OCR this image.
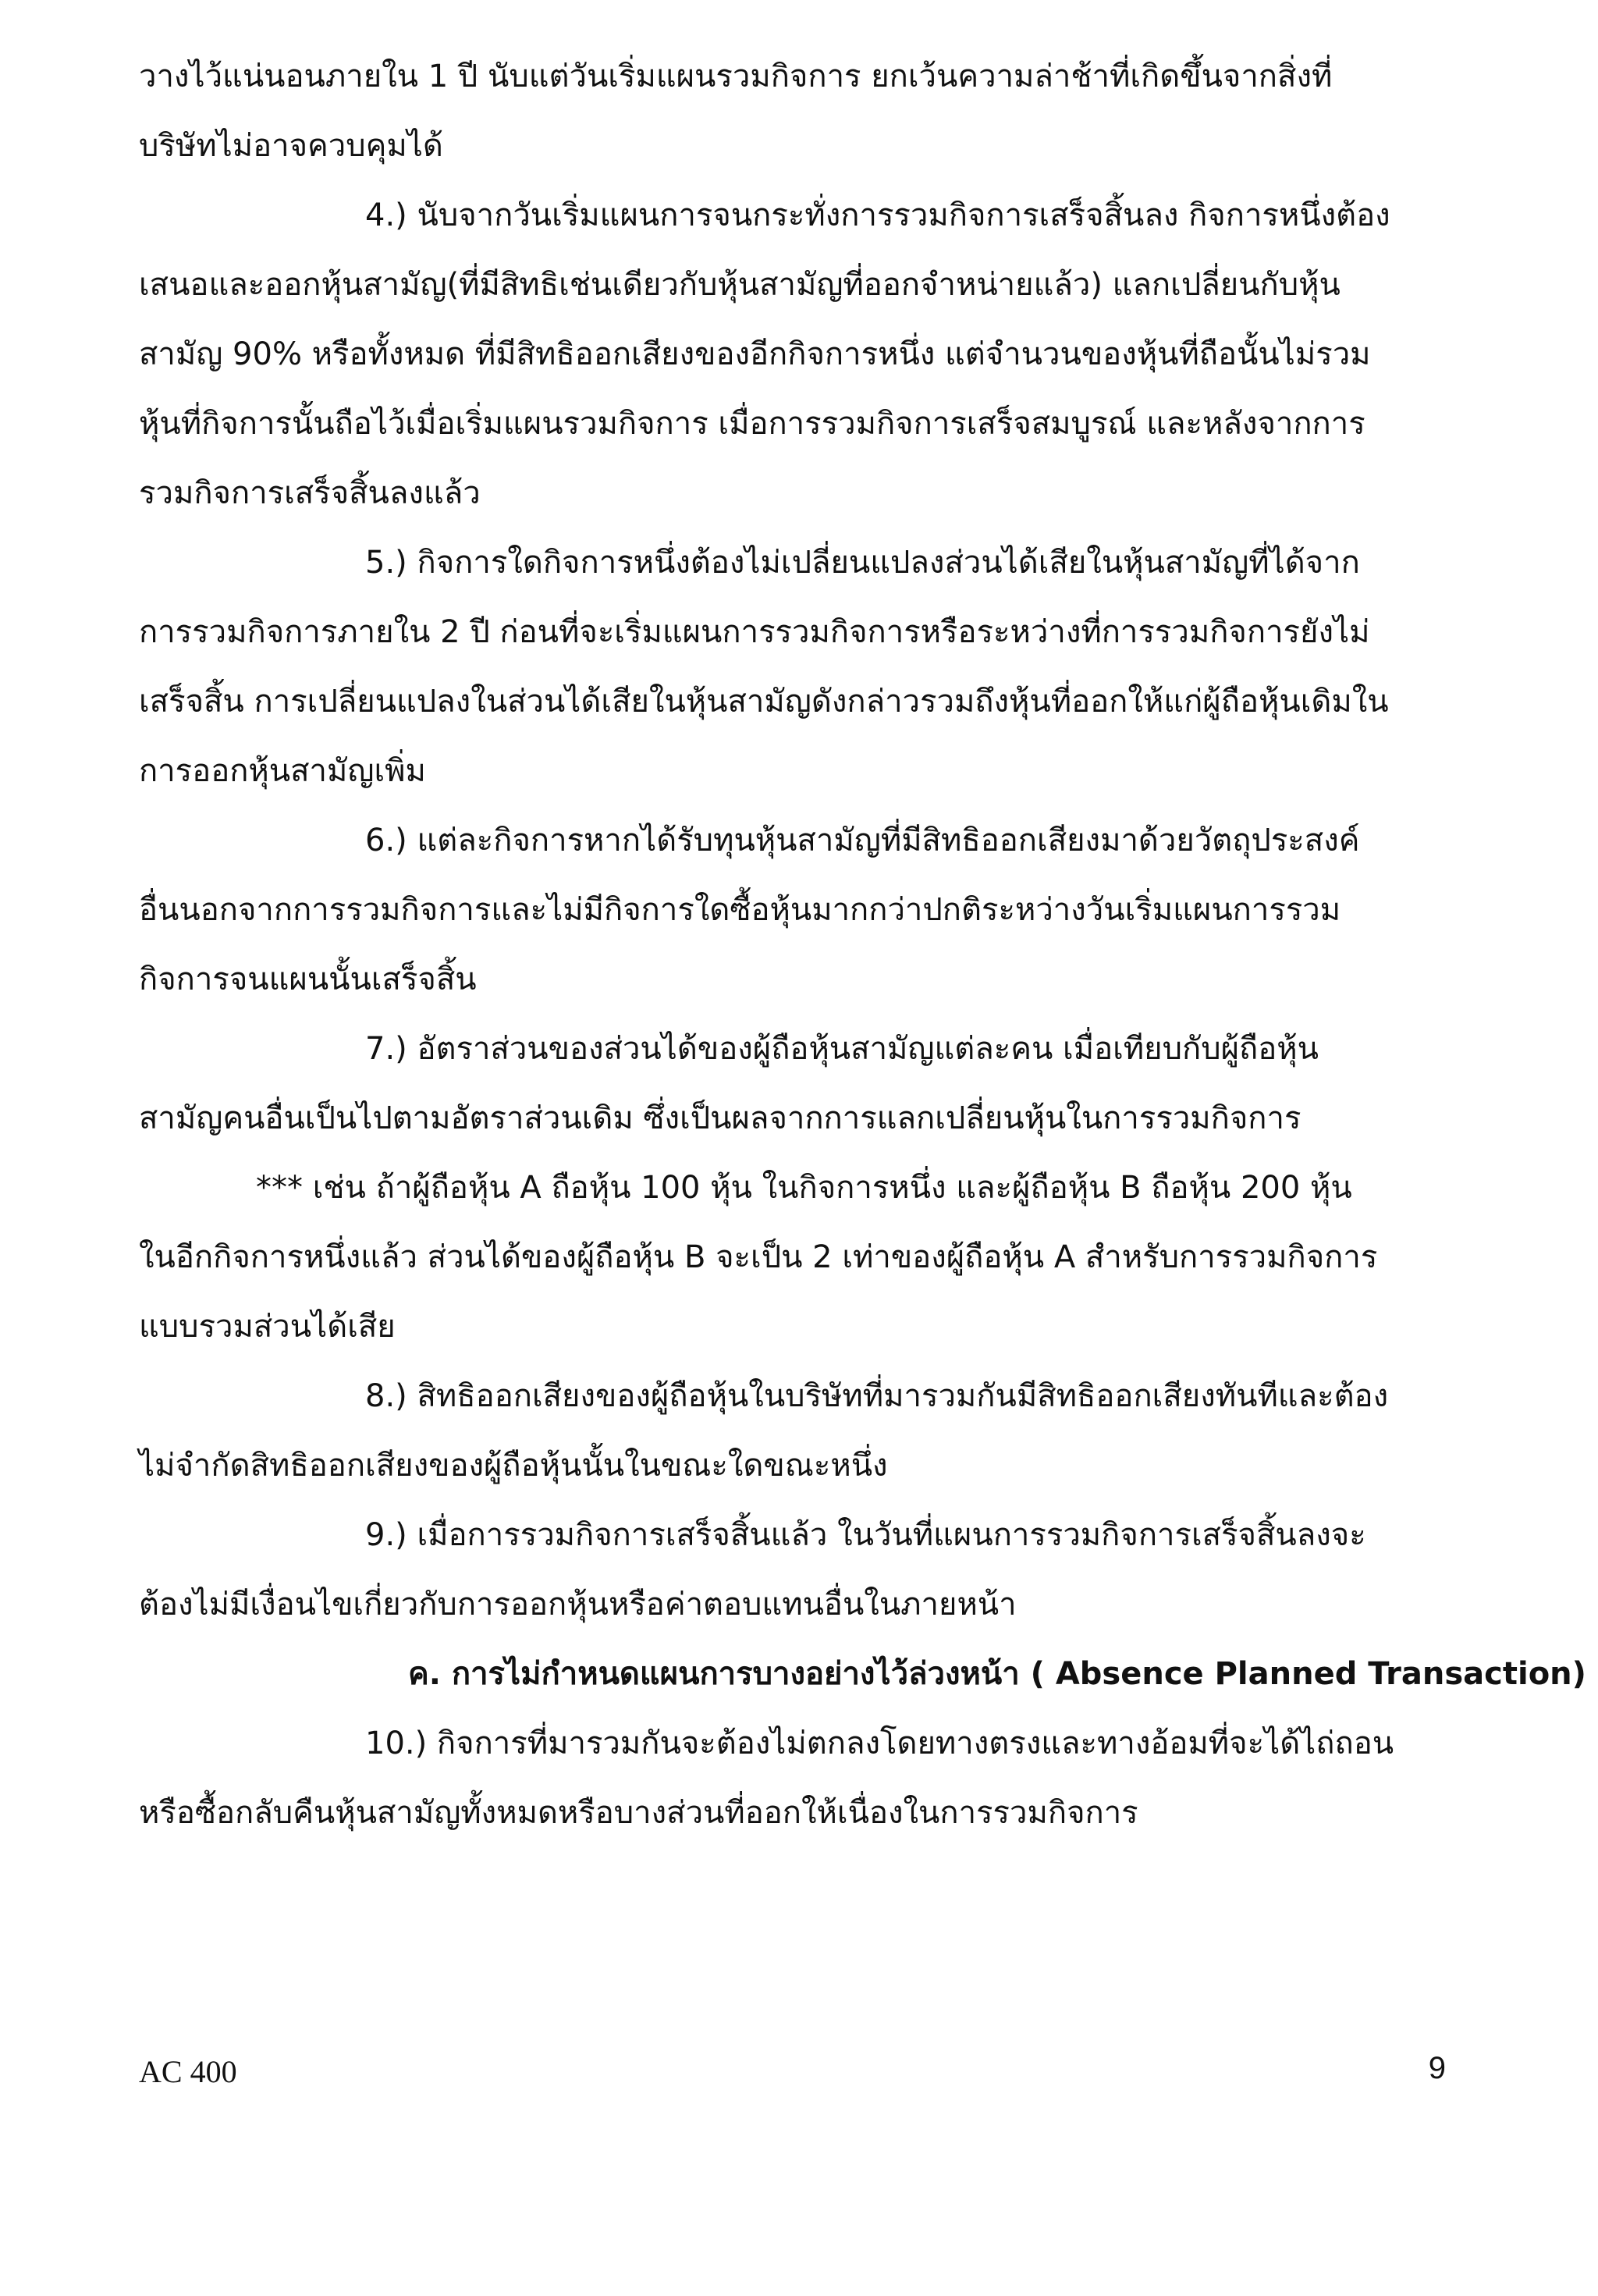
วางไว้แน่นอนภายใน 1 ปี นับแต่วันเริ่มแผนรวมกิจการ ยกเว้นความล่าช้าที่เกิดขึ้นจากสิ่งที่
บริษัทไม่อาจควบคุมได้
4.) นับจากวันเริ่มแผนการจนกระทั่งการรวมกิจการเสร็จสิ้นลง กิจการหนึ่งต้อง
เสนอและออกหุ้นสามัญ(ที่มีสิทธิเช่นเดียวกับหุ้นสามัญที่ออกจำหน่ายแล้ว) แลกเปลี่ยนกับหุ้น
สามัญ 90% หรือทั้งหมด ที่มีสิทธิออกเสียงของอีกกิจการหนึ่ง แต่จำนวนของหุ้นที่ถือนั้นไม่รวม
หุ้นที่กิจการนั้นถือไว้เมื่อเริ่มแผนรวมกิจการ เมื่อการรวมกิจการเสร็จสมบูรณ์ และหลังจากการ
รวมกิจการเสร็จสิ้นลงแล้ว
5.) กิจการใดกิจการหนึ่งต้องไม่เปลี่ยนแปลงส่วนได้เสียในหุ้นสามัญที่ได้จาก
การรวมกิจการภายใน 2 ปี ก่อนที่จะเริ่มแผนการรวมกิจการหรือระหว่างที่การรวมกิจการยังไม่
เสร็จสิ้น การเปลี่ยนแปลงในส่วนได้เสียในหุ้นสามัญดังกล่าวรวมถึงหุ้นที่ออกให้แก่ผู้ถือหุ้นเดิมใน
การออกหุ้นสามัญเพิ่ม
6.) แต่ละกิจการหากได้รับทุนหุ้นสามัญที่มีสิทธิออกเสียงมาด้วยวัตถุประสงค์
อื่นนอกจากการรวมกิจการและไม่มีกิจการใดซื้อหุ้นมากกว่าปกติระหว่างวันเริ่มแผนการรวม
กิจการจนแผนนั้นเสร็จสิ้น
7.) อัตราส่วนของส่วนได้ของผู้ถือหุ้นสามัญแต่ละคน เมื่อเทียบกับผู้ถือหุ้น
สามัญคนอื่นเป็นไปตามอัตราส่วนเดิม ซึ่งเป็นผลจากการแลกเปลี่ยนหุ้นในการรวมกิจการ
*** เช่น ถ้าผู้ถือหุ้น A ถือหุ้น 100 หุ้น ในกิจการหนึ่ง และผู้ถือหุ้น B ถือหุ้น 200 หุ้น
ในอีกกิจการหนึ่งแล้ว ส่วนได้ของผู้ถือหุ้น B จะเป็น 2 เท่าของผู้ถือหุ้น A สำหรับการรวมกิจการ
แบบรวมส่วนได้เสีย
8.) สิทธิออกเสียงของผู้ถือหุ้นในบริษัทที่มารวมกันมีสิทธิออกเสียงทันทีและต้อง
ไม่จำกัดสิทธิออกเสียงของผู้ถือหุ้นนั้นในขณะใดขณะหนึ่ง
9.) เมื่อการรวมกิจการเสร็จสิ้นแล้ว ในวันที่แผนการรวมกิจการเสร็จสิ้นลงจะ
ต้องไม่มีเงื่อนไขเกี่ยวกับการออกหุ้นหรือค่าตอบแทนอื่นในภายหน้า
ค. การไม่กำหนดแผนการบางอย่างไว้ล่วงหน้า ( Absence Planned Transaction)
10.) กิจการที่มารวมกันจะต้องไม่ตกลงโดยทางตรงและทางอ้อมที่จะได้ไถ่ถอน
หรือซื้อกลับคืนหุ้นสามัญทั้งหมดหรือบางส่วนที่ออกให้เนื่องในการรวมกิจการ
AC 400	9
